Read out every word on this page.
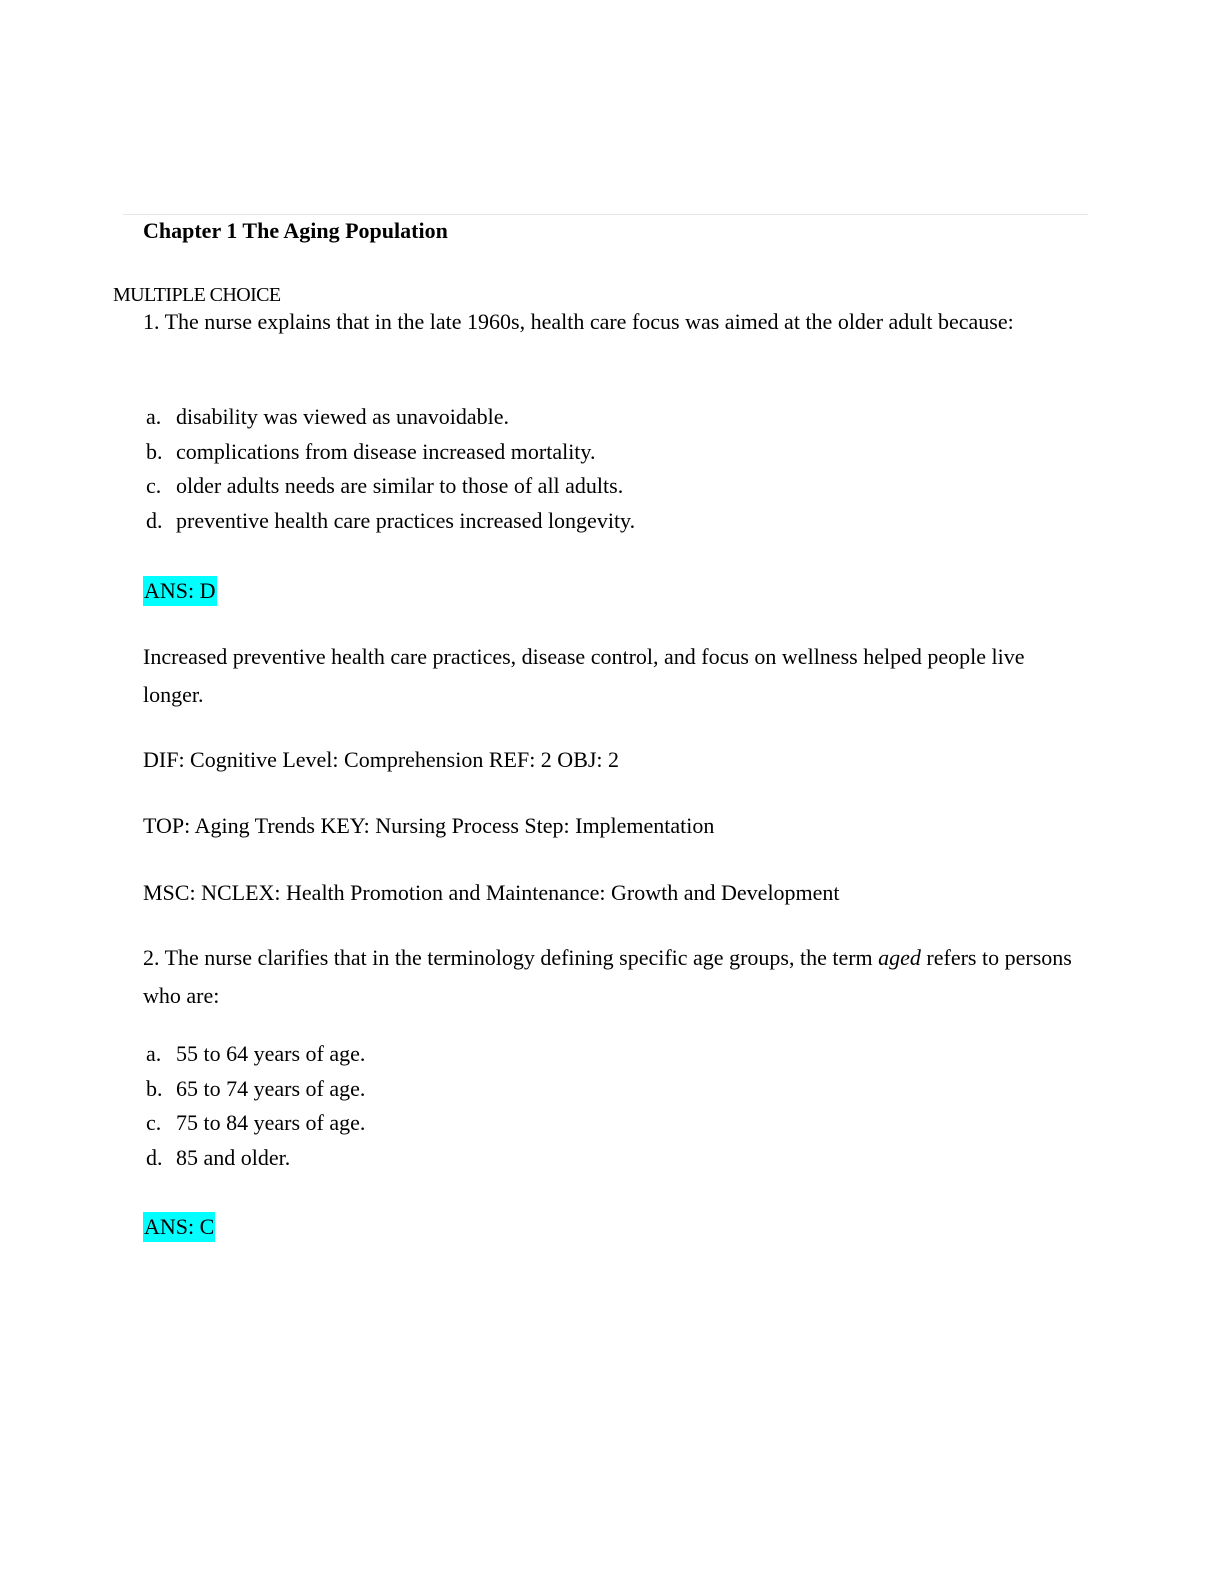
Chapter 1 The Aging Population
MULTIPLE CHOICE
1. The nurse explains that in the late 1960s, health care focus was aimed at the older adult because:
a. disability was viewed as unavoidable.
b. complications from disease increased mortality.
c. older adults needs are similar to those of all adults.
d. preventive health care practices increased longevity.
ANS: D
Increased preventive health care practices, disease control, and focus on wellness helped people live longer.
DIF: Cognitive Level: Comprehension REF: 2 OBJ: 2
TOP: Aging Trends KEY: Nursing Process Step: Implementation
MSC: NCLEX: Health Promotion and Maintenance: Growth and Development
2. The nurse clarifies that in the terminology defining specific age groups, the term aged refers to persons who are:
a. 55 to 64 years of age.
b. 65 to 74 years of age.
c. 75 to 84 years of age.
d. 85 and older.
ANS: C
